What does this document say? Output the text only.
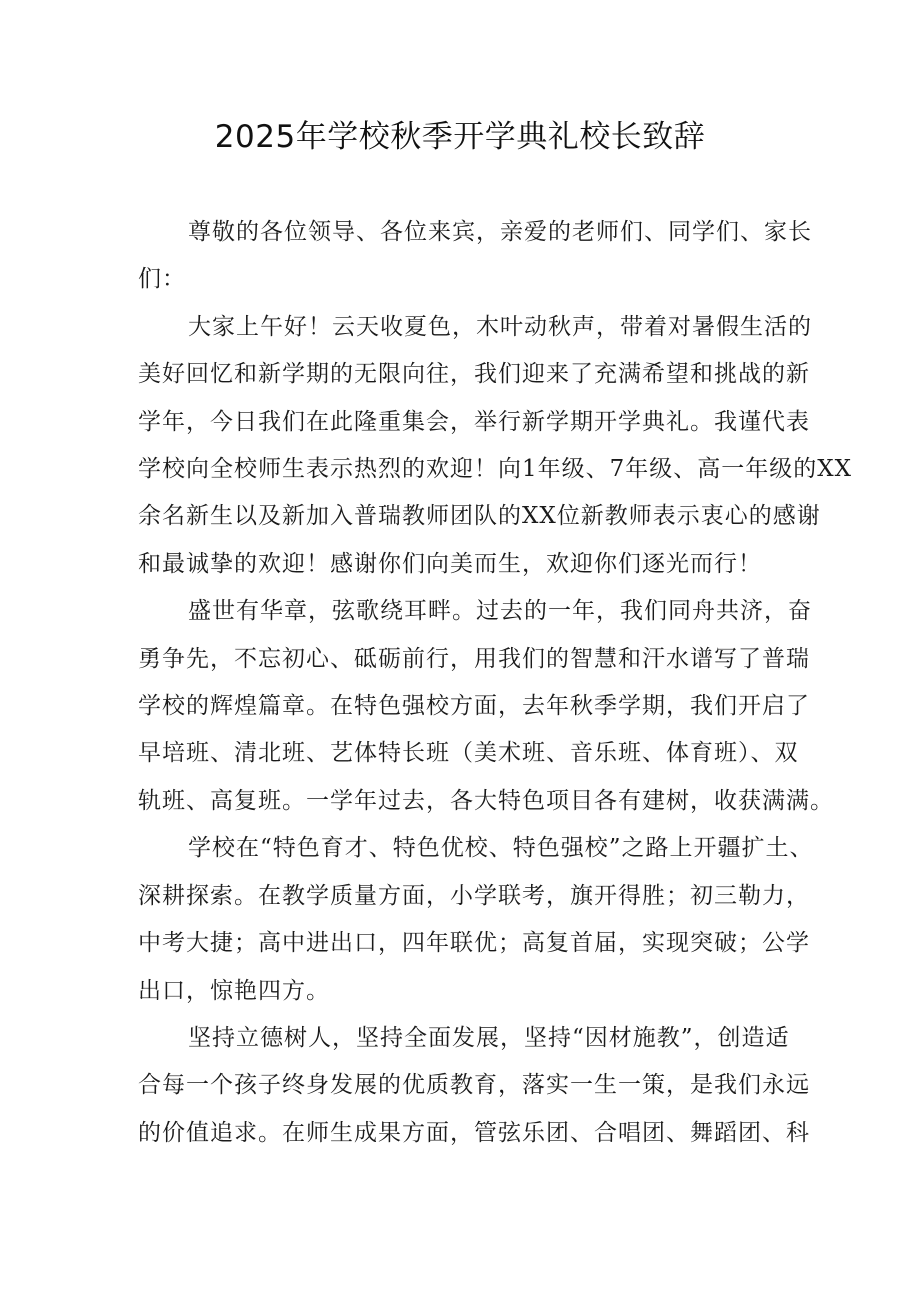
2025年学校秋季开学典礼校长致辞
尊敬的各位领导、各位来宾，亲爱的老师们、同学们、家长
们：
大家上午好！云天收夏色，木叶动秋声，带着对暑假生活的
美好回忆和新学期的无限向往，我们迎来了充满希望和挑战的新
学年，今日我们在此隆重集会，举行新学期开学典礼。我谨代表
学校向全校师生表示热烈的欢迎！向1年级、7年级、高一年级的XX
余名新生以及新加入普瑞教师团队的XX位新教师表示衷心的感谢
和最诚挚的欢迎！感谢你们向美而生，欢迎你们逐光而行！
盛世有华章，弦歌绕耳畔。过去的一年，我们同舟共济，奋
勇争先，不忘初心、砥砺前行，用我们的智慧和汗水谱写了普瑞
学校的辉煌篇章。在特色强校方面，去年秋季学期，我们开启了
早培班、清北班、艺体特长班（美术班、音乐班、体育班）、双
轨班、高复班。一学年过去，各大特色项目各有建树，收获满满。
学校在“特色育才、特色优校、特色强校”之路上开疆扩土、
深耕探索。在教学质量方面，小学联考，旗开得胜；初三勒力，
中考大捷；高中进出口，四年联优；高复首届，实现突破；公学
出口，惊艳四方。
坚持立德树人，坚持全面发展，坚持“因材施教”，创造适
合每一个孩子终身发展的优质教育，落实一生一策，是我们永远
的价值追求。在师生成果方面，管弦乐团、合唱团、舞蹈团、科
